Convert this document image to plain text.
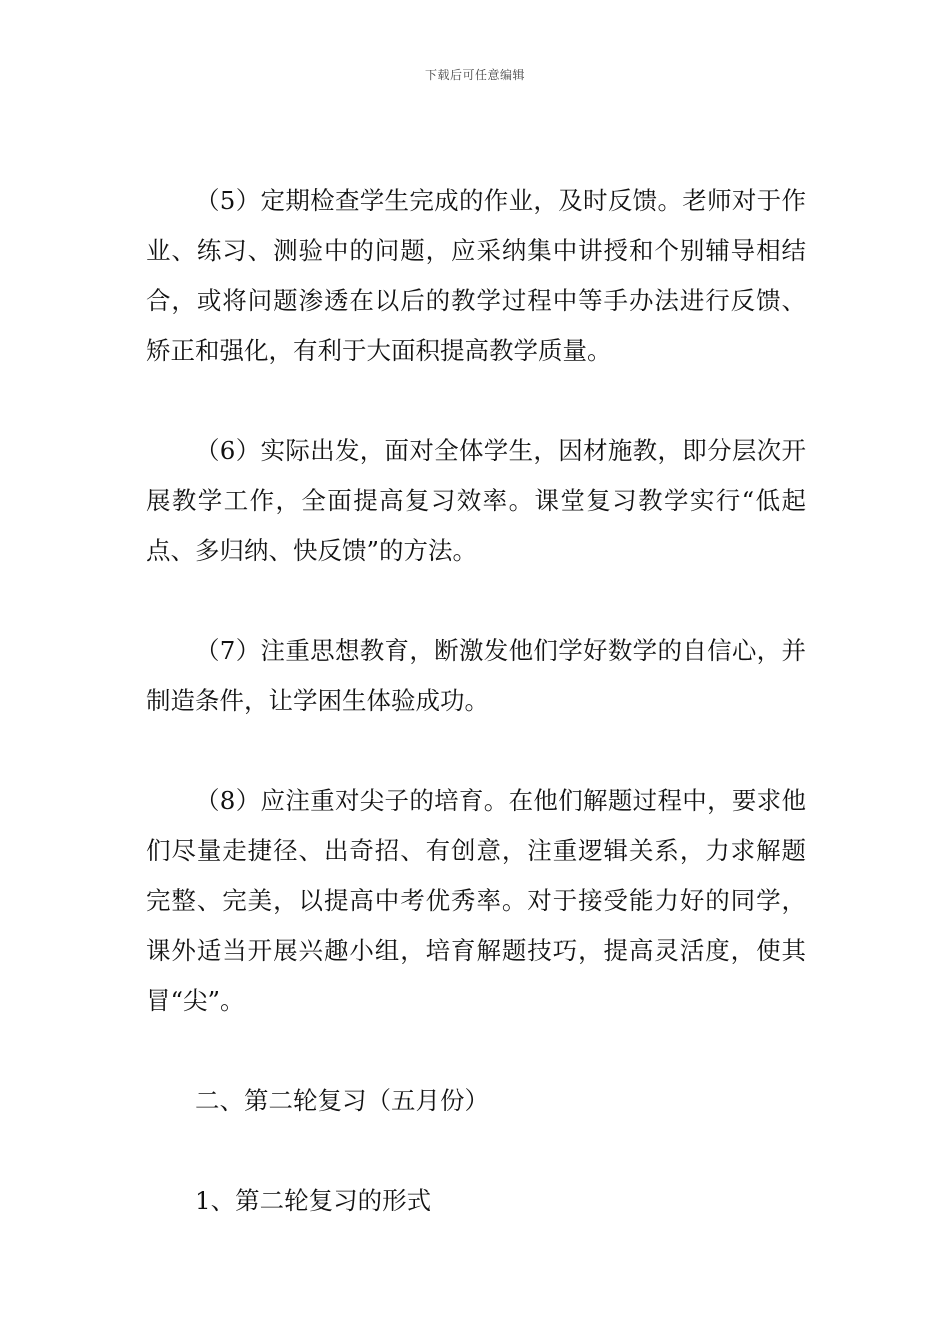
下载后可任意编辑

（5）定期检查学生完成的作业，及时反馈。老师对于作业、练习、测验中的问题，应采纳集中讲授和个别辅导相结合，或将问题渗透在以后的教学过程中等手办法进行反馈、矫正和强化，有利于大面积提高教学质量。

（6）实际出发，面对全体学生，因材施教，即分层次开展教学工作，全面提高复习效率。课堂复习教学实行“低起点、多归纳、快反馈”的方法。

（7）注重思想教育，断激发他们学好数学的自信心，并制造条件，让学困生体验成功。

（8）应注重对尖子的培育。在他们解题过程中，要求他们尽量走捷径、出奇招、有创意，注重逻辑关系，力求解题完整、完美，以提高中考优秀率。对于接受能力好的同学，课外适当开展兴趣小组，培育解题技巧，提高灵活度，使其冒“尖”。

二、第二轮复习（五月份）

1、第二轮复习的形式
